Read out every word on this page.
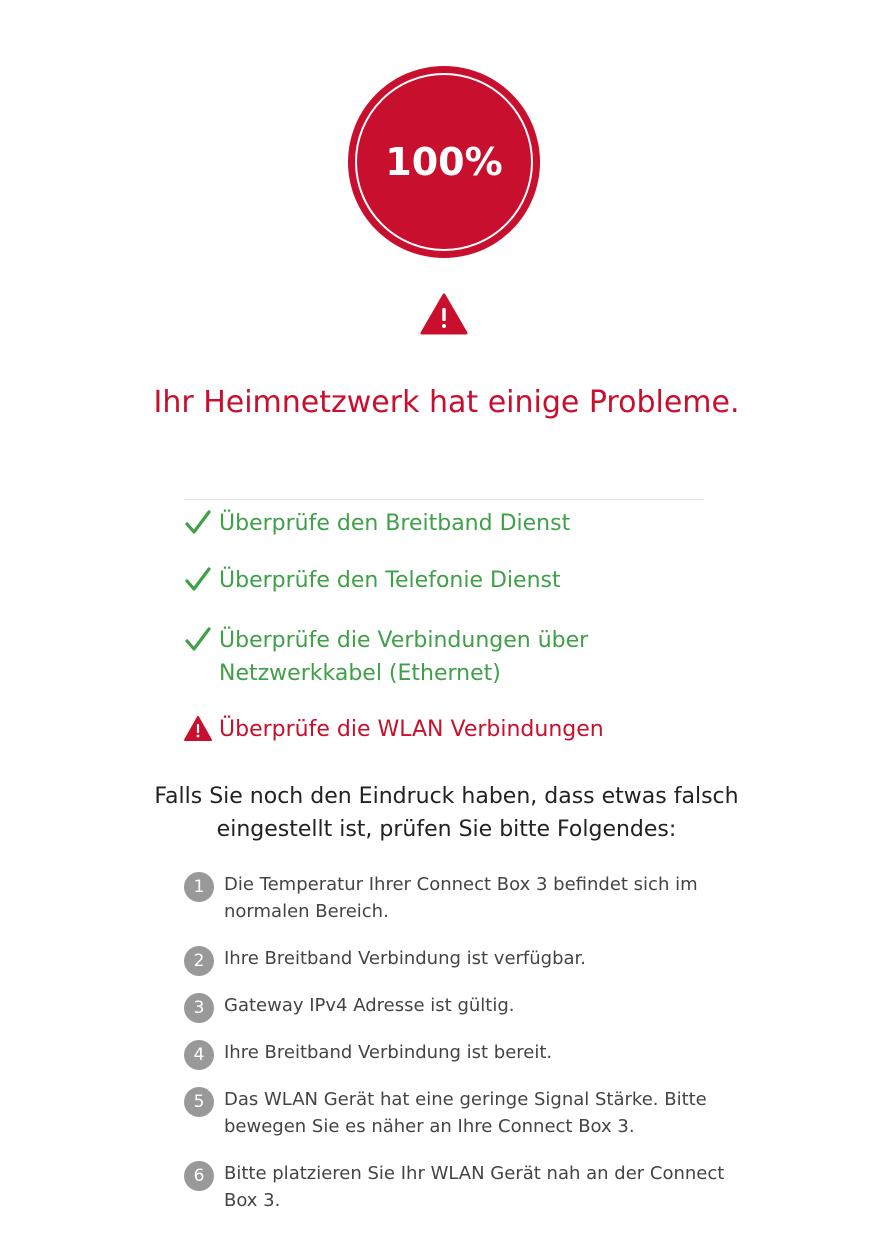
100%
Ihr Heimnetzwerk hat einige Probleme.
Überprüfe den Breitband Dienst
Überprüfe den Telefonie Dienst
Überprüfe die Verbindungen über Netzwerkkabel (Ethernet)
Überprüfe die WLAN Verbindungen
Falls Sie noch den Eindruck haben, dass etwas falsch eingestellt ist, prüfen Sie bitte Folgendes:
1	Die Temperatur Ihrer Connect Box 3 befindet sich im normalen Bereich.
2	Ihre Breitband Verbindung ist verfügbar.
3	Gateway IPv4 Adresse ist gültig.
4	Ihre Breitband Verbindung ist bereit.
5	Das WLAN Gerät hat eine geringe Signal Stärke. Bitte bewegen Sie es näher an Ihre Connect Box 3.
6	Bitte platzieren Sie Ihr WLAN Gerät nah an der Connect Box 3.
